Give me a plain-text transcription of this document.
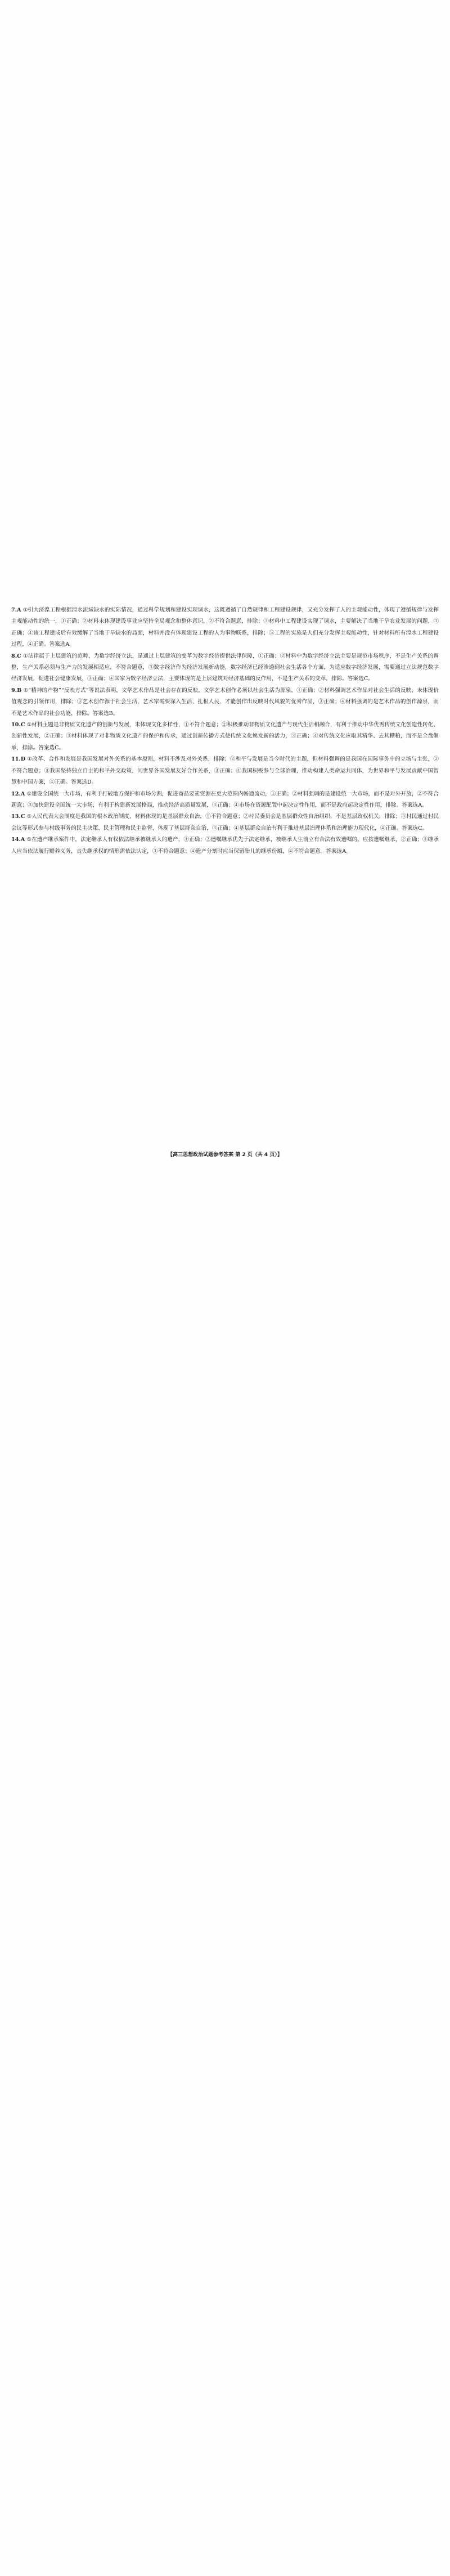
7.A ①引大济湟工程根据湟水流域缺水的实际情况，通过科学规划和建设实现调水，这既遵循了自然规律和工程建设规律，又充分发挥了人的主观能动性，体现了遵循规律与发挥主观能动性的统一，①正确；②材料未体现建设事业应坚持全局观念和整体意识，②不符合题意，排除；③材料中工程建设实现了调水，主要解决了当地干旱农业发展的问题，③正确；④该工程建成后有效缓解了当地干旱缺水的局面，材料并没有体现建设工程的人为事物联系，排除；⑤工程的实施是人们充分发挥主观能动性，针对材料所有湟水工程建设过程，④正确。答案选A。

8.C ①法律属于上层建筑的范畴，为数字经济立法，是通过上层建筑的变革为数字经济提供法律保障，①正确；②材料中为数字经济立法主要是规范市场秩序，不是生产关系的调整，生产关系必须与生产力的发展相适应，不符合题意，③数字经济作为经济发展新动能，数字经济已经渗透到社会生活各个方面，为适应数字经济发展，需要通过立法规范数字经济发展，促进社会健康发展，③正确；④国家为数字经济立法，主要体现的是上层建筑对经济基础的反作用，不是生产关系的变革，排除。答案选C。

9.B ①“精神的产物”“反映方式”等说法表明，文学艺术作品是社会存在的反映，文学艺术创作必须以社会生活为源泉，①正确；②材料强调艺术作品对社会生活的反映，未体现价值观念的引领作用，排除；③艺术创作源于社会生活，艺术家需要深入生活、扎根人民，才能创作出反映时代风貌的优秀作品，③正确；④材料强调的是艺术作品的创作源泉，而不是艺术作品的社会功能，排除。答案选B。

10.C ①材料主题是非物质文化遗产的创新与发展，未体现文化多样性，①不符合题意；②积极推动非物质文化遗产与现代生活相融合，有利于推动中华优秀传统文化创造性转化、创新性发展，②正确；③材料体现了对非物质文化遗产的保护和传承，通过创新传播方式使传统文化焕发新的活力，③正确；④对传统文化应取其精华、去其糟粕，而不是全盘继承，排除。答案选C。

11.D ①改革、合作和发展是我国发展对外关系的基本原则，材料不涉及对外关系，排除；②和平与发展是当今时代的主题，但材料强调的是我国在国际事务中的立场与主张，②不符合题意；③我国坚持独立自主的和平外交政策，同世界各国发展友好合作关系，③正确；④我国积极参与全球治理，推动构建人类命运共同体，为世界和平与发展贡献中国智慧和中国方案，④正确。答案选D。

12.A ①建设全国统一大市场，有利于打破地方保护和市场分割，促进商品要素资源在更大范围内畅通流动，①正确；②材料强调的是建设统一大市场，而不是对外开放，②不符合题意；③加快建设全国统一大市场，有利于构建新发展格局，推动经济高质量发展，③正确；④市场在资源配置中起决定性作用，而不是政府起决定性作用，排除。答案选A。

13.C ①人民代表大会制度是我国的根本政治制度，材料体现的是基层群众自治，①不符合题意；②村民委员会是基层群众性自治组织，不是基层政权机关，排除；③村民通过村民会议等形式参与村级事务的民主决策、民主管理和民主监督，体现了基层群众自治，③正确；④基层群众自治有利于推进基层治理体系和治理能力现代化，④正确。答案选C。

14.A ①在遗产继承案件中，法定继承人有权依法继承被继承人的遗产，①正确；②遗嘱继承优先于法定继承，被继承人生前立有合法有效遗嘱的，应按遗嘱继承，②正确；③继承人应当依法履行赡养义务，丧失继承权的情形需依法认定，③不符合题意；④遗产分割时应当保留胎儿的继承份额，④不符合题意。答案选A。

【高三思想政治试题参考答案 第 2 页（共 4 页）】
